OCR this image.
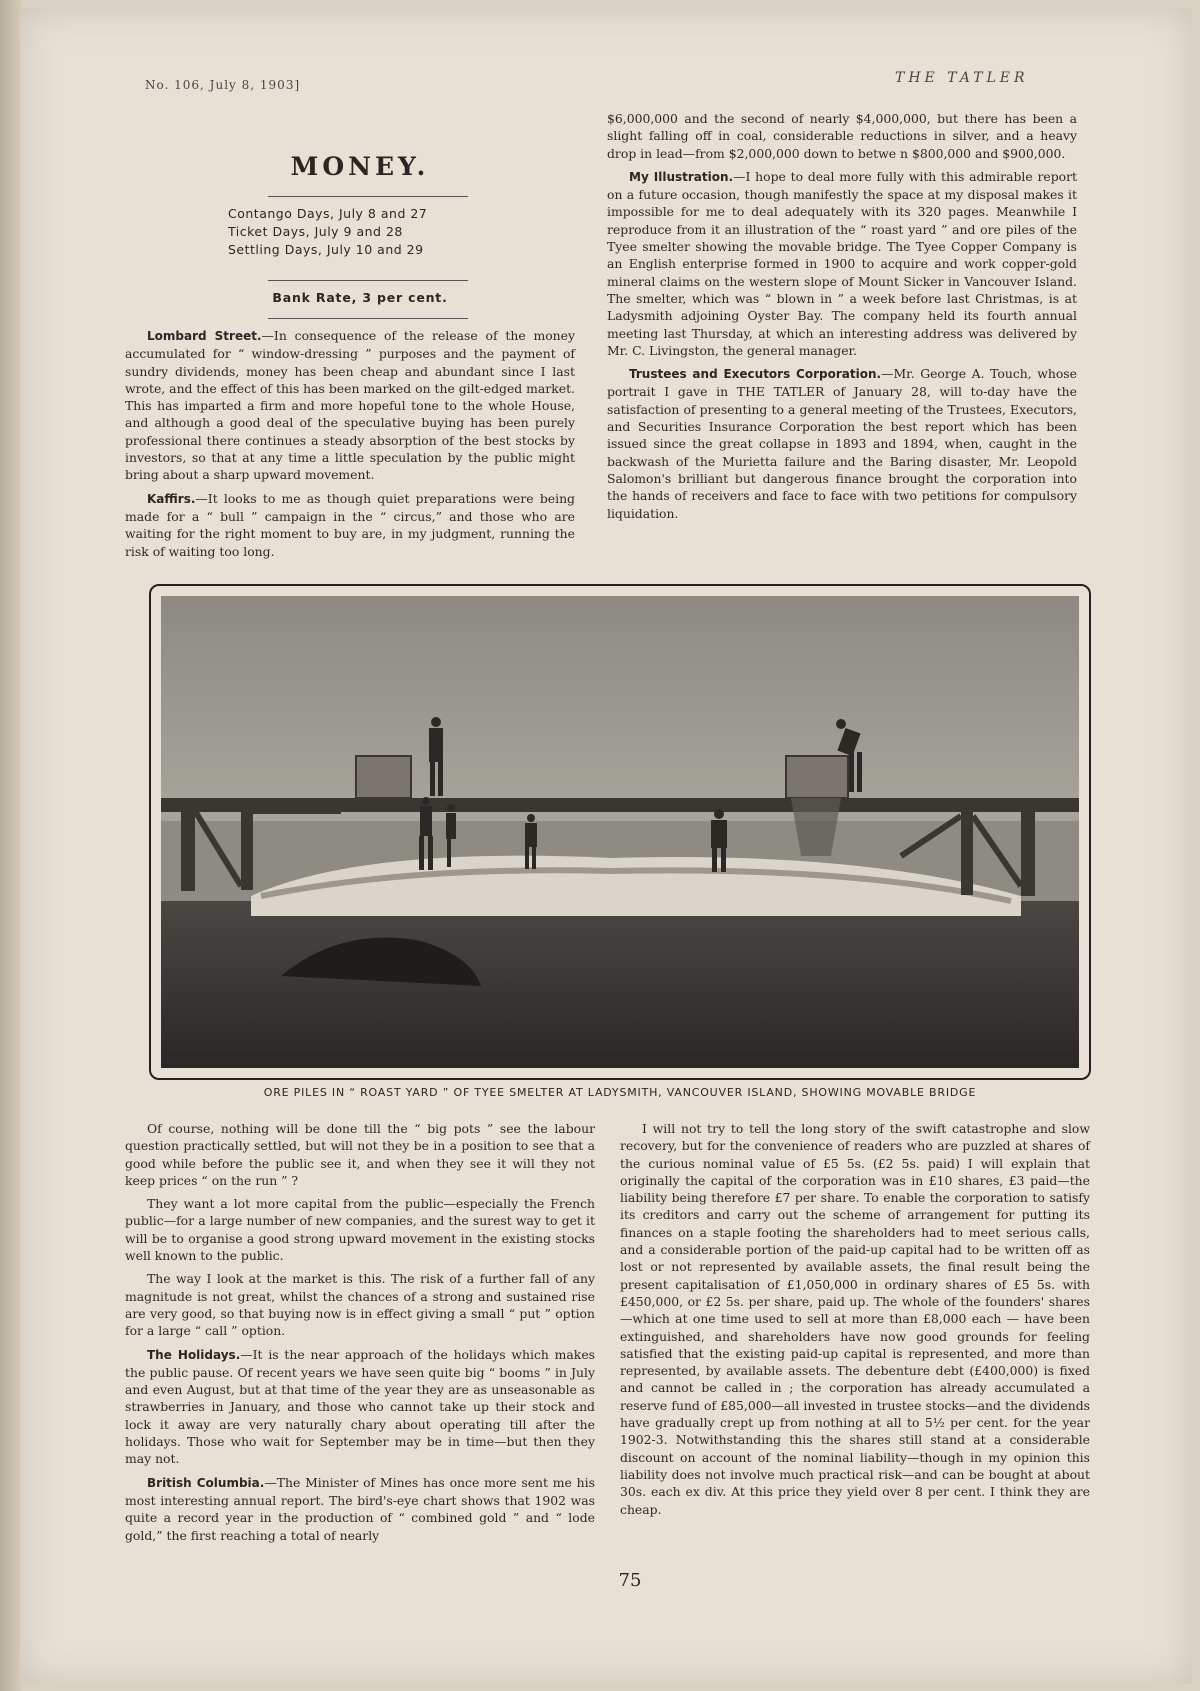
No. 106, July 8, 1903]	THE TATLER
MONEY.
Contango Days, July 8 and 27
Ticket Days, July 9 and 28
Settling Days, July 10 and 29
Bank Rate, 3 per cent.

Lombard Street.—In consequence of the release of the money accumulated for “ window-dressing ” purposes and the payment of sundry dividends, money has been cheap and abundant since I last wrote, and the effect of this has been marked on the gilt-edged market. This has imparted a firm and more hopeful tone to the whole House, and although a good deal of the speculative buying has been purely professional there continues a steady absorption of the best stocks by investors, so that at any time a little speculation by the public might bring about a sharp upward movement.

Kaffirs.—It looks to me as though quiet preparations were being made for a “ bull ” campaign in the “ circus,” and those who are waiting for the right moment to buy are, in my judgment, running the risk of waiting too long.

$6,000,000 and the second of nearly $4,000,000, but there has been a slight falling off in coal, considerable reductions in silver, and a heavy drop in lead—from $2,000,000 down to betwe n $800,000 and $900,000.

My Illustration.—I hope to deal more fully with this admirable report on a future occasion, though manifestly the space at my disposal makes it impossible for me to deal adequately with its 320 pages. Meanwhile I reproduce from it an illustration of the “ roast yard ” and ore piles of the Tyee smelter showing the movable bridge. The Tyee Copper Company is an English enterprise formed in 1900 to acquire and work copper-gold mineral claims on the western slope of Mount Sicker in Vancouver Island. The smelter, which was “ blown in ” a week before last Christmas, is at Ladysmith adjoining Oyster Bay. The company held its fourth annual meeting last Thursday, at which an interesting address was delivered by Mr. C. Livingston, the general manager.

Trustees and Executors Corporation.—Mr. George A. Touch, whose portrait I gave in THE TATLER of January 28, will to-day have the satisfaction of presenting to a general meeting of the Trustees, Executors, and Securities Insurance Corporation the best report which has been issued since the great collapse in 1893 and 1894, when, caught in the backwash of the Murietta failure and the Baring disaster, Mr. Leopold Salomon's brilliant but dangerous finance brought the corporation into the hands of receivers and face to face with two petitions for compulsory liquidation.

ORE PILES IN “ ROAST YARD ” OF TYEE SMELTER AT LADYSMITH, VANCOUVER ISLAND, SHOWING MOVABLE BRIDGE

Of course, nothing will be done till the “ big pots ” see the labour question practically settled, but will not they be in a position to see that a good while before the public see it, and when they see it will they not keep prices “ on the run ” ?

They want a lot more capital from the public—especially the French public—for a large number of new companies, and the surest way to get it will be to organise a good strong upward movement in the existing stocks well known to the public.

The way I look at the market is this. The risk of a further fall of any magnitude is not great, whilst the chances of a strong and sustained rise are very good, so that buying now is in effect giving a small “ put ” option for a large “ call ” option.

The Holidays.—It is the near approach of the holidays which makes the public pause. Of recent years we have seen quite big “ booms ” in July and even August, but at that time of the year they are as unseasonable as strawberries in January, and those who cannot take up their stock and lock it away are very naturally chary about operating till after the holidays. Those who wait for September may be in time—but then they may not.

British Columbia.—The Minister of Mines has once more sent me his most interesting annual report. The bird's-eye chart shows that 1902 was quite a record year in the production of “ combined gold ” and “ lode gold,” the first reaching a total of nearly

I will not try to tell the long story of the swift catastrophe and slow recovery, but for the convenience of readers who are puzzled at shares of the curious nominal value of £5 5s. (£2 5s. paid) I will explain that originally the capital of the corporation was in £10 shares, £3 paid—the liability being therefore £7 per share. To enable the corporation to satisfy its creditors and carry out the scheme of arrangement for putting its finances on a staple footing the shareholders had to meet serious calls, and a considerable portion of the paid-up capital had to be written off as lost or not represented by available assets, the final result being the present capitalisation of £1,050,000 in ordinary shares of £5 5s. with £450,000, or £2 5s. per share, paid up. The whole of the founders' shares—which at one time used to sell at more than £8,000 each — have been extinguished, and shareholders have now good grounds for feeling satisfied that the existing paid-up capital is represented, and more than represented, by available assets. The debenture debt (£400,000) is fixed and cannot be called in ; the corporation has already accumulated a reserve fund of £85,000—all invested in trustee stocks—and the dividends have gradually crept up from nothing at all to 5½ per cent. for the year 1902-3. Notwithstanding this the shares still stand at a considerable discount on account of the nominal liability—though in my opinion this liability does not involve much practical risk—and can be bought at about 30s. each ex div. At this price they yield over 8 per cent. I think they are cheap.

75
